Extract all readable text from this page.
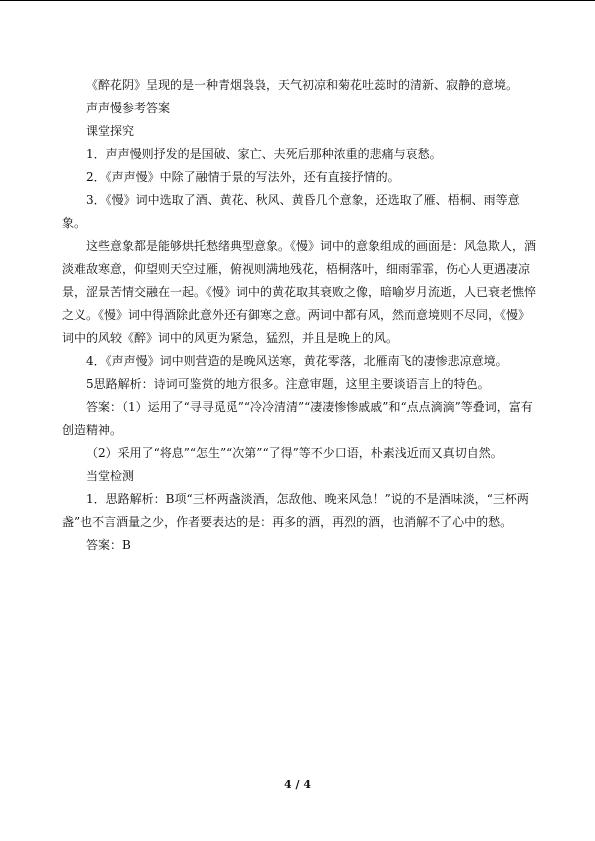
《醉花阴》呈现的是一种青烟袅袅，天气初凉和菊花吐蕊时的清新、寂静的意境。

声声慢参考答案

课堂探究

1．声声慢则抒发的是国破、家亡、夫死后那种浓重的悲痛与哀愁。

2．《声声慢》中除了融情于景的写法外，还有直接抒情的。

3．《慢》词中选取了酒、黄花、秋风、黄昏几个意象，还选取了雁、梧桐、雨等意象。

这些意象都是能够烘托愁绪典型意象。《慢》词中的意象组成的画面是：风急欺人，酒淡难敌寒意，仰望则天空过雁，俯视则满地残花，梧桐落叶，细雨霏霏，伤心人更遇凄凉景，涩景苦情交融在一起。《慢》词中的黄花取其衰败之像，暗喻岁月流逝，人已衰老憔悴之义。《慢》词中得酒除此意外还有御寒之意。两词中都有风，然而意境则不尽同，《慢》词中的风较《醉》词中的风更为紧急，猛烈，并且是晚上的风。

4．《声声慢》词中则营造的是晚风送寒，黄花零落，北雁南飞的凄惨悲凉意境。

5思路解析：诗词可鉴赏的地方很多。注意审题，这里主要谈语言上的特色。

答案：（1）运用了“寻寻觅觅”“冷冷清清”“凄凄惨惨戚戚”和“点点滴滴”等叠词，富有创造精神。

（2）采用了“将息”“怎生”“次第”“了得”等不少口语，朴素浅近而又真切自然。

当堂检测

1．思路解析：B项“三杯两盏淡酒，怎敌他、晚来风急！”说的不是酒味淡，“三杯两盏”也不言酒量之少，作者要表达的是：再多的酒，再烈的酒，也消解不了心中的愁。

答案：B

4 / 4
